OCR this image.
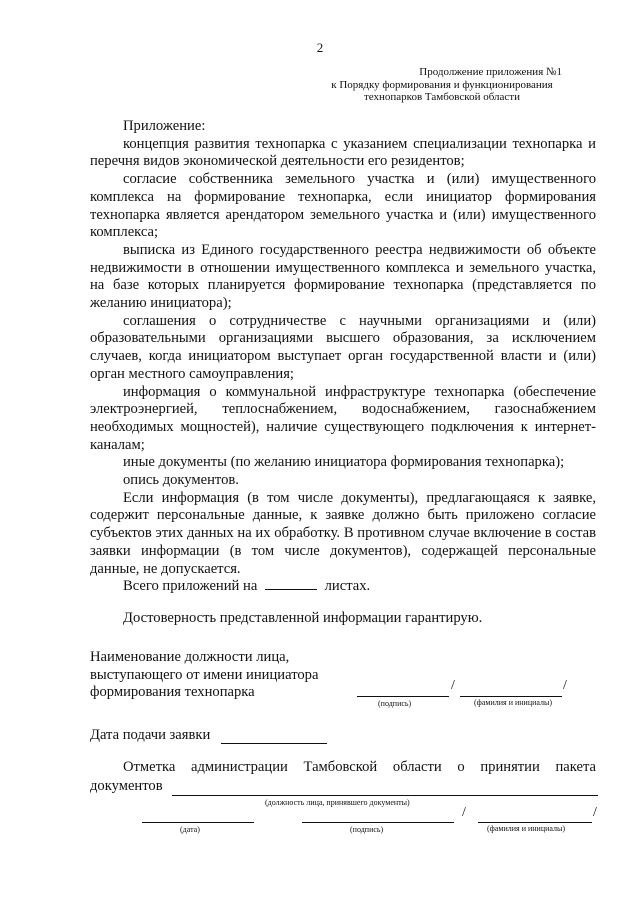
2
Продолжение приложения №1
к Порядку формирования и функционирования
технопарков Тамбовской области
Приложение:
концепция развития технопарка с указанием специализации технопарка и перечня видов экономической деятельности его резидентов;
согласие собственника земельного участка и (или) имущественного комплекса на формирование технопарка, если инициатор формирования технопарка является арендатором земельного участка и (или) имущественного комплекса;
выписка из Единого государственного реестра недвижимости об объекте недвижимости в отношении имущественного комплекса и земельного участка, на базе которых планируется формирование технопарка (представляется по желанию инициатора);
соглашения о сотрудничестве с научными организациями и (или) образовательными организациями высшего образования, за исключением случаев, когда инициатором выступает орган государственной власти и (или) орган местного самоуправления;
информация о коммунальной инфраструктуре технопарка (обеспечение электроэнергией, теплоснабжением, водоснабжением, газоснабжением необходимых мощностей), наличие существующего подключения к интернет-каналам;
иные документы (по желанию инициатора формирования технопарка);
опись документов.
Если информация (в том числе документы), предлагающаяся к заявке, содержит персональные данные, к заявке должно быть приложено согласие субъектов этих данных на их обработку. В противном случае включение в состав заявки информации (в том числе документов), содержащей персональные данные, не допускается.
Всего приложений на	листах.
Достоверность представленной информации гарантирую.
Наименование должности лица, выступающего от имени инициатора формирования технопарка	/	/
(подпись)	(фамилия и инициалы)
Дата подачи заявки
Отметка администрации Тамбовской области о принятии пакета документов
(должность лица, принявшего документы)
/	/
(дата)	(подпись)	(фамилия и инициалы)
